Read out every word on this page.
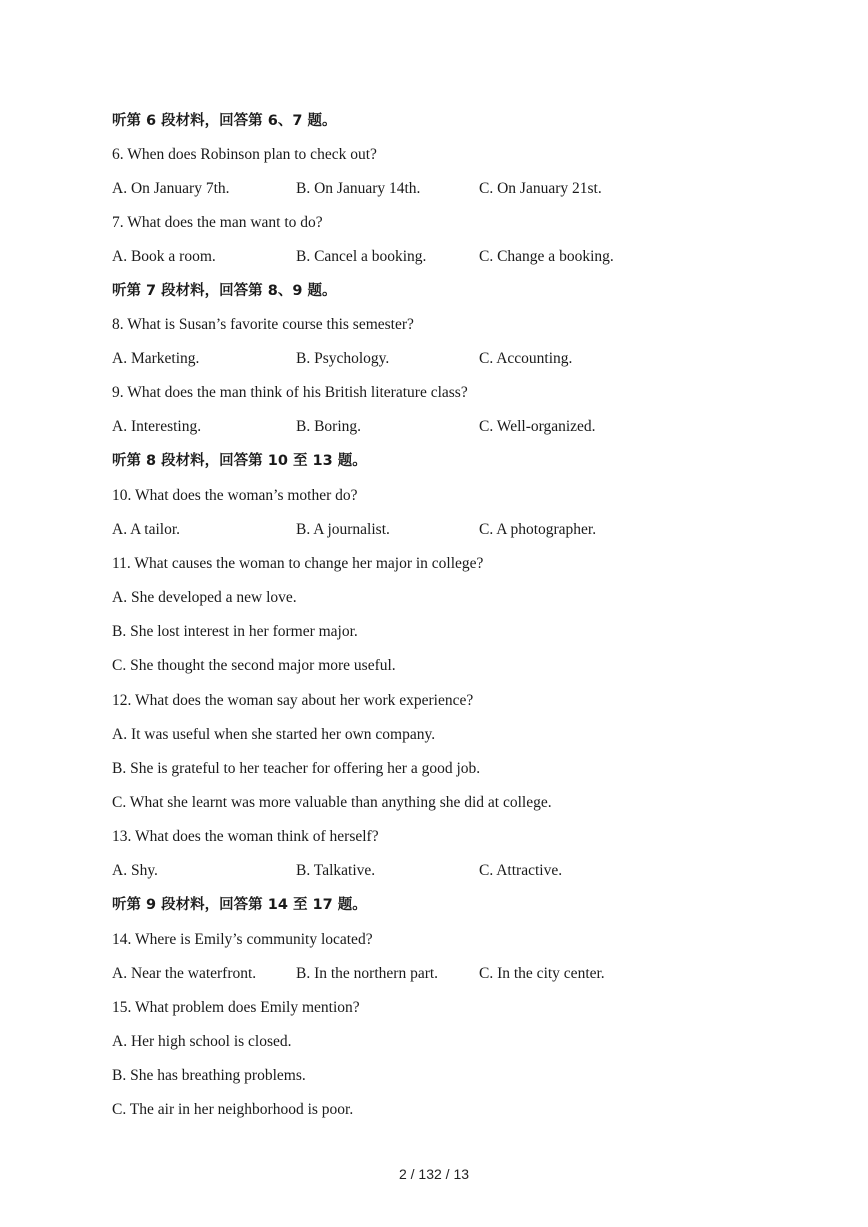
听第 6 段材料，回答第 6、7 题。
6. When does Robinson plan to check out?
A. On January 7th.	B. On January 14th.	C. On January 21st.
7. What does the man want to do?
A. Book a room.	B. Cancel a booking.	C. Change a booking.
听第 7 段材料，回答第 8、9 题。
8. What is Susan’s favorite course this semester?
A. Marketing.	B. Psychology.	C. Accounting.
9. What does the man think of his British literature class?
A. Interesting.	B. Boring.	C. Well-organized.
听第 8 段材料，回答第 10 至 13 题。
10. What does the woman’s mother do?
A. A tailor.	B. A journalist.	C. A photographer.
11. What causes the woman to change her major in college?
A. She developed a new love.
B. She lost interest in her former major.
C. She thought the second major more useful.
12. What does the woman say about her work experience?
A. It was useful when she started her own company.
B. She is grateful to her teacher for offering her a good job.
C. What she learnt was more valuable than anything she did at college.
13. What does the woman think of herself?
A. Shy.	B. Talkative.	C. Attractive.
听第 9 段材料，回答第 14 至 17 题。
14. Where is Emily’s community located?
A. Near the waterfront.	B. In the northern part.	C. In the city center.
15. What problem does Emily mention?
A. Her high school is closed.
B. She has breathing problems.
C. The air in her neighborhood is poor.
2 / 132 / 13
